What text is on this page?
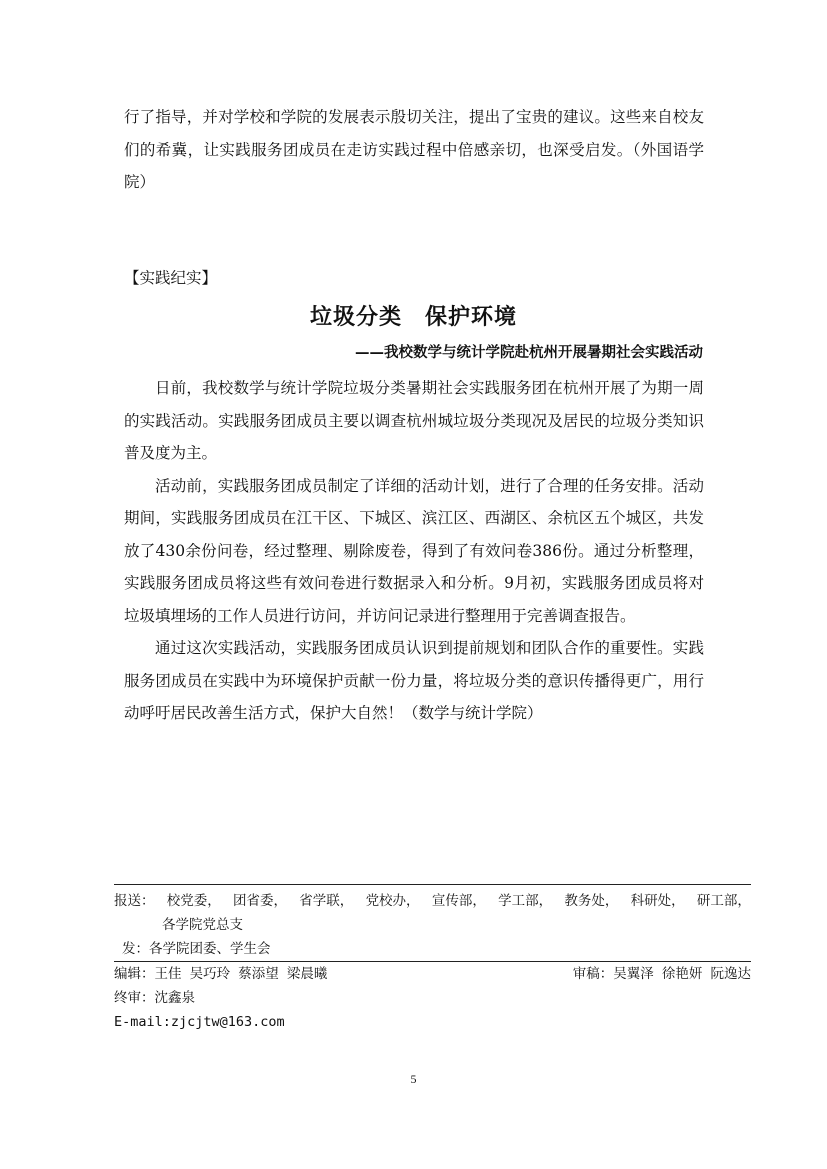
行了指导，并对学校和学院的发展表示殷切关注，提出了宝贵的建议。这些来自校友们的希冀，让实践服务团成员在走访实践过程中倍感亲切，也深受启发。（外国语学院）

【实践纪实】
垃圾分类　保护环境
——我校数学与统计学院赴杭州开展暑期社会实践活动

日前，我校数学与统计学院垃圾分类暑期社会实践服务团在杭州开展了为期一周的实践活动。实践服务团成员主要以调查杭州城垃圾分类现况及居民的垃圾分类知识普及度为主。

活动前，实践服务团成员制定了详细的活动计划，进行了合理的任务安排。活动期间，实践服务团成员在江干区、下城区、滨江区、西湖区、余杭区五个城区，共发放了430余份问卷，经过整理、剔除废卷，得到了有效问卷386份。通过分析整理，实践服务团成员将这些有效问卷进行数据录入和分析。9月初，实践服务团成员将对垃圾填埋场的工作人员进行访问，并访问记录进行整理用于完善调查报告。

通过这次实践活动，实践服务团成员认识到提前规划和团队合作的重要性。实践服务团成员在实践中为环境保护贡献一份力量，将垃圾分类的意识传播得更广，用行动呼吁居民改善生活方式，保护大自然！（数学与统计学院）

报送： 校党委， 团省委， 省学联， 党校办， 宣传部， 学工部， 教务处， 科研处， 研工部，
各学院党总支
发：各学院团委、学生会
编辑：王佳 吴巧玲 蔡添望 梁晨曦	审稿：吴翼泽 徐艳妍 阮逸达
终审：沈鑫泉
E-mail:zjcjtw@163.com
5
